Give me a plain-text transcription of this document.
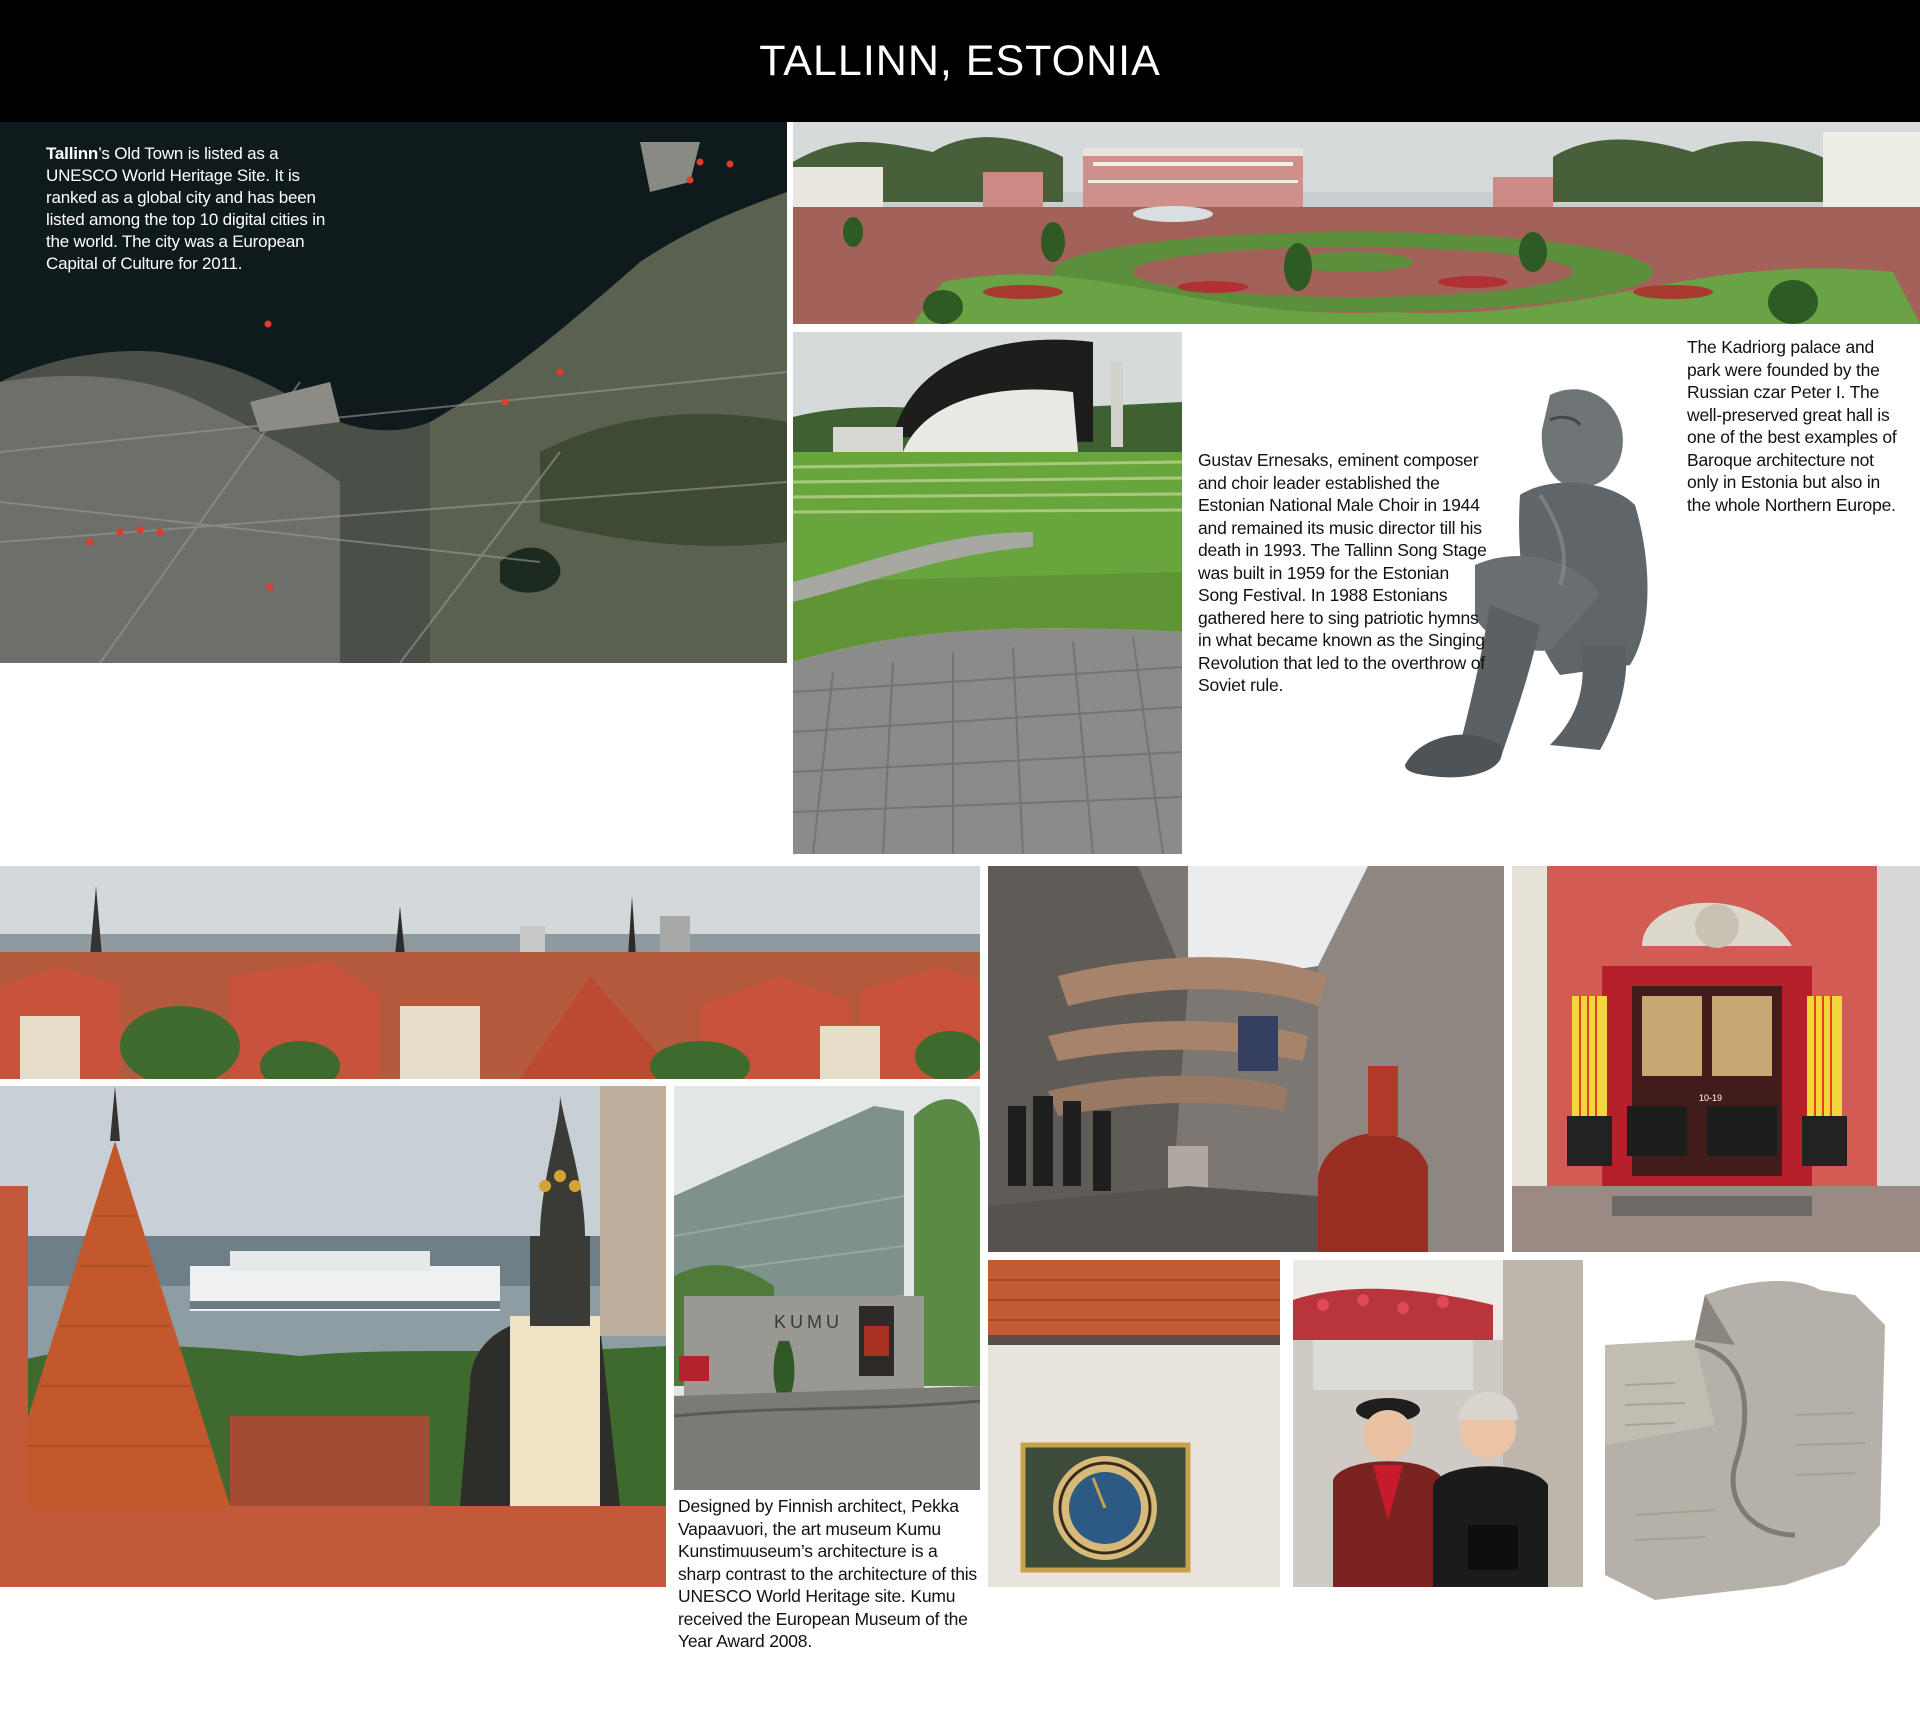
TALLINN, ESTONIA
Tallinn’s Old Town is listed as a UNESCO World Heritage Site. It is ranked as a global city and has been listed among the top 10 digital cities in the world. The city was a European Capital of Culture for 2011.
Gustav Ernesaks, eminent composer and choir leader established the Estonian National Male Choir in 1944 and remained its music director till his death in 1993. The Tallinn Song Stage was built in 1959 for the Estonian Song Festival. In 1988 Estonians gathered here to sing patriotic hymns in what became known as the Singing Revolution that led to the overthrow of Soviet rule.
The Kadriorg palace and park were founded by the Russian czar Peter I. The well-preserved great hall is one of the best examples of Baroque architecture not only in Estonia but also in the whole Northern Europe.
KUMU
Designed by Finnish architect, Pekka Vapaavuori, the art museum Kumu Kunstimuuseum’s architecture is a sharp contrast to the architecture of this UNESCO World Heritage site. Kumu received the European Museum of the Year Award 2008.
10-19
